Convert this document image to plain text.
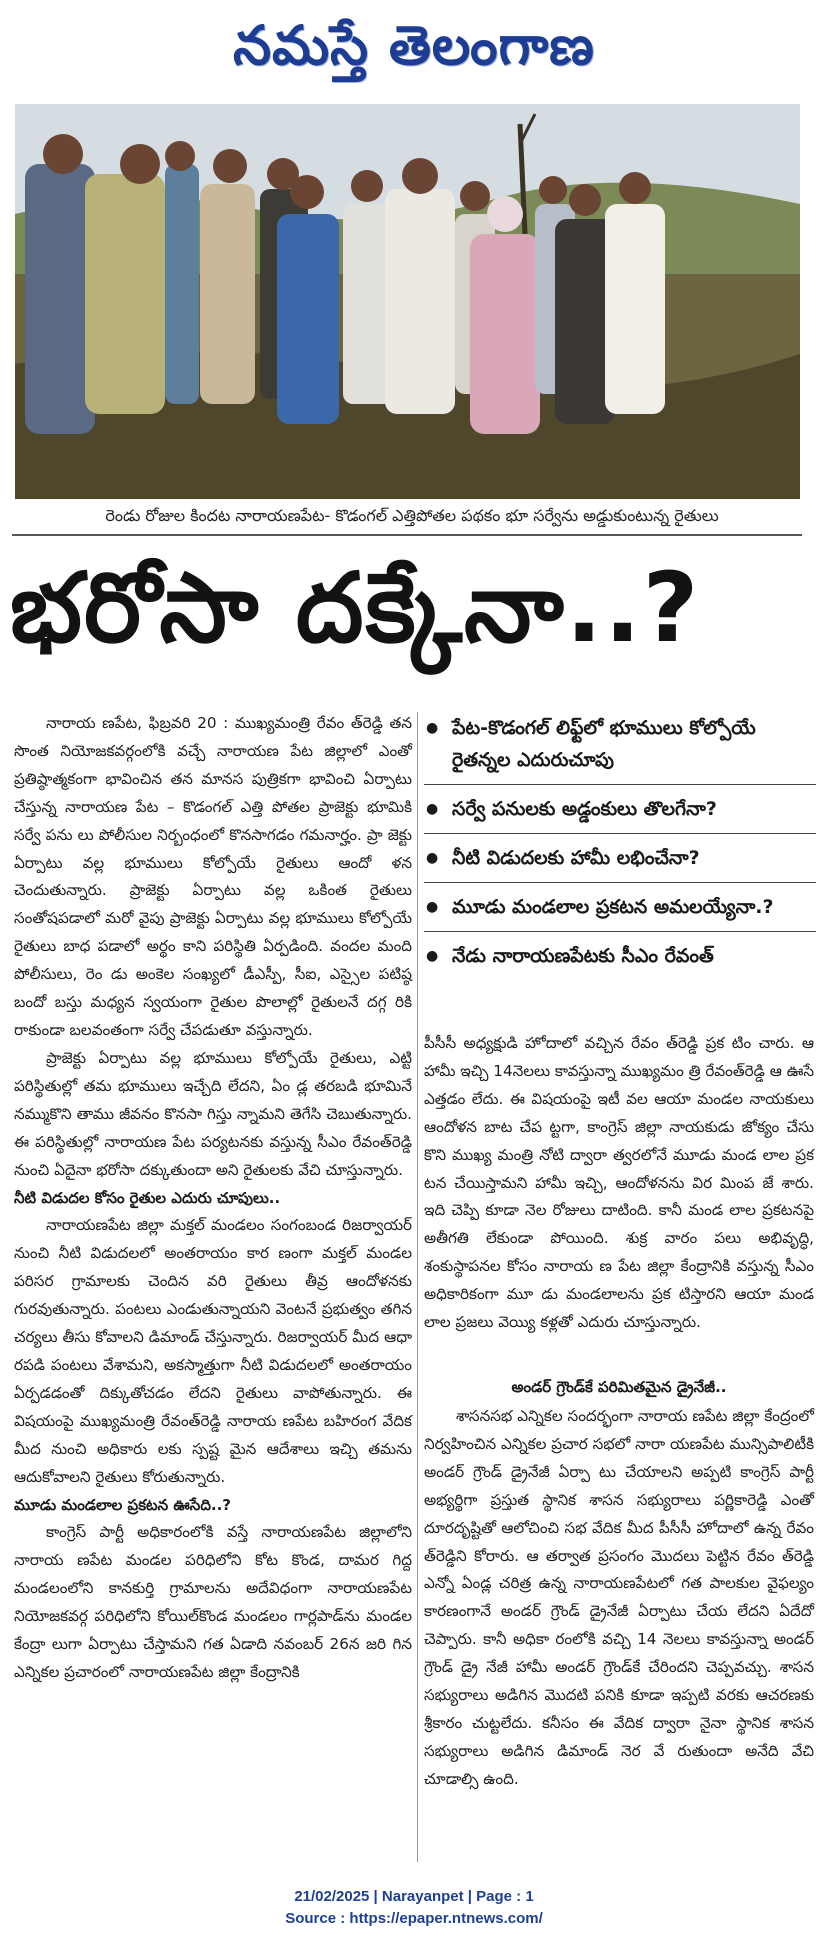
నమస్తే తెలంగాణ
రెండు రోజుల కిందట నారాయణపేట- కొడంగల్ ఎత్తిపోతల పథకం భూ సర్వేను అడ్డుకుంటున్న రైతులు
భరోసా దక్కేనా..?
● పేట-కొడంగల్ లిఫ్ట్‌లో భూములు కోల్పోయే రైతన్నల ఎదురుచూపు
● సర్వే పనులకు అడ్డంకులు తొలగేనా?
● నీటి విడుదలకు హామీ లభించేనా?
● మూడు మండలాల ప్రకటన అమలయ్యేనా.?
● నేడు నారాయణపేటకు సీఎం రేవంత్

నారాయ ణపేట, ఫిబ్రవరి 20 : ముఖ్యమంత్రి రేవం త్‌రెడ్డి తన సొంత నియోజకవర్గంలోకి వచ్చే నారాయణ పేట జిల్లాలో ఎంతో ప్రతిష్ఠాత్మకంగా భావించిన తన మానస పుత్రికగా భావించి ఏర్పాటు చేస్తున్న నారాయణ పేట – కొడంగల్ ఎత్తి పోతల ప్రాజెక్టు భూమికి సర్వే పను లు పోలీసుల నిర్బంధంలో కొనసాగడం గమనార్హం. ప్రా జెక్టు ఏర్పాటు వల్ల భూములు కోల్పోయే రైతులు ఆందో ళన చెందుతున్నారు. ప్రాజెక్టు ఏర్పాటు వల్ల ఒకింత రైతులు సంతోషపడాలో మరో వైపు ప్రాజెక్టు ఏర్పాటు వల్ల భూములు కోల్పోయే రైతులు బాధ పడాలో అర్థం కాని పరిస్థితి ఏర్పడింది. వందల మంది పోలీసులు, రెం డు అంకెల సంఖ్యలో డీఎస్పీ, సీఐ, ఎస్సైల పటిష్ఠ బందో బస్తు మధ్యన స్వయంగా రైతుల పొలాల్లో రైతులనే దగ్గ రికి రాకుండా బలవంతంగా సర్వే చేపడుతూ వస్తున్నారు.

ప్రాజెక్టు ఏర్పాటు వల్ల భూములు కోల్పోయే రైతులు, ఎట్టి పరిస్థితుల్లో తమ భూములు ఇచ్చేది లేదని, ఏం డ్ల తరబడి భూమినే నమ్ముకొని తాము జీవనం కొనసా గిస్తు న్నామని తెగేసి చెబుతున్నారు. ఈ పరిస్థితుల్లో నారాయణ పేట పర్యటనకు వస్తున్న సీఎం రేవంత్‌రెడ్డి నుంచి ఏదైనా భరోసా దక్కుతుందా అని రైతులకు వేచి చూస్తున్నారు.

నీటి విడుదల కోసం రైతుల ఎదురు చూపులు..

నారాయణపేట జిల్లా మక్తల్ మండలం సంగంబండ రిజర్వాయర్ నుంచి నీటి విడుదలలో అంతరాయం కార ణంగా మక్తల్ మండల పరిసర గ్రామాలకు చెందిన వరి రైతులు తీవ్ర ఆందోళనకు గురవుతున్నారు. పంటలు ఎండుతున్నాయని వెంటనే ప్రభుత్వం తగిన చర్యలు తీసు కోవాలని డిమాండ్ చేస్తున్నారు. రిజర్వాయర్ మీద ఆధా రపడి పంటలు వేశామని, అకస్మాత్తుగా నీటి విడుదలలో అంతరాయం ఏర్పడడంతో దిక్కుతోచడం లేదని రైతులు వాపోతున్నారు. ఈ విషయంపై ముఖ్యమంత్రి రేవంత్‌రెడ్డి నారాయ ణపేట బహిరంగ వేదిక మీద నుంచి అధికారు లకు స్పష్ట మైన ఆదేశాలు ఇచ్చి తమను ఆదుకోవాలని రైతులు కోరుతున్నారు.

మూడు మండలాల ప్రకటన ఊసేది..?

కాంగ్రెస్ పార్టీ అధికారంలోకి వస్తే నారాయణపేట జిల్లాలోని నారాయ ణపేట మండల పరిధిలోని కోట కొండ, దామర గిద్ద మండలంలోని కానకుర్తి గ్రామాలను అదేవిధంగా నారాయణపేట నియోజకవర్గ పరిధిలోని కోయిల్‌కొండ మండలం గార్లపాడ్‌ను మండల కేంద్రా లుగా ఏర్పాటు చేస్తామని గత ఏడాది నవంబర్ 26న జరి గిన ఎన్నికల ప్రచారంలో నారాయణపేట జిల్లా కేంద్రానికి

పీసీసీ అధ్యక్షుడి హోదాలో వచ్చిన రేవం త్‌రెడ్డి ప్రక టిం చారు. ఆ హామీ ఇచ్చి 14నెలలు కావస్తున్నా ముఖ్యమం త్రి రేవంత్‌రెడ్డి ఆ ఊసే ఎత్తడం లేదు. ఈ విషయంపై ఇటీ వల ఆయా మండల నాయకులు ఆందోళన బాట చేప ట్టగా, కాంగ్రెస్ జిల్లా నాయకుడు జోక్యం చేసు కొని ముఖ్య మంత్రి నోటి ద్వారా త్వరలోనే మూడు మండ లాల ప్రక టన చేయిస్తామని హామీ ఇచ్చి, ఆందోళనను విర మింప జే శారు. ఇది చెప్పి కూడా నెల రోజులు దాటింది. కానీ మండ లాల ప్రకటనపై అతీగతి లేకుండా పోయింది. శుక్ర వారం పలు అభివృద్ధి, శంకుస్థాపనల కోసం నారాయ ణ పేట జిల్లా కేంద్రానికి వస్తున్న సీఎం అధికారికంగా మూ డు మండలాలను ప్రక టిస్తారని ఆయా మండ లాల ప్రజలు వెయ్యి కళ్లతో ఎదురు చూస్తున్నారు.

అండర్ గ్రౌండ్‌కే పరిమితమైన డ్రైనేజీ..

శాసనసభ ఎన్నికల సందర్భంగా నారాయ ణపేట జిల్లా కేంద్రంలో నిర్వహించిన ఎన్నికల ప్రచార సభలో నారా యణపేట మున్సిపాలిటీకి అండర్ గ్రౌండ్ డ్రైనేజీ ఏర్పా టు చేయాలని అప్పటి కాంగ్రెస్ పార్టీ అభ్యర్థిగా ప్రస్తుత స్థానిక శాసన సభ్యురాలు పర్ణికారెడ్డి ఎంతో దూరదృష్టితో ఆలోచించి సభ వేదిక మీద పీసీసీ హోదాలో ఉన్న రేవం త్‌రెడ్డిని కోరారు. ఆ తర్వాత ప్రసంగం మొదలు పెట్టిన రేవం త్‌రెడ్డి ఎన్నో ఏండ్ల చరిత్ర ఉన్న నారాయణపేటలో గత పాలకుల వైఫల్యం కారణంగానే అండర్ గ్రౌండ్ డ్రైనేజీ ఏర్పాటు చేయ లేదని ఏదేదో చెప్పారు. కానీ అధికా రంలోకి వచ్చి 14 నెలలు కావస్తున్నా అండర్ గ్రౌండ్ డ్రై నేజీ హామీ అండర్ గ్రౌండ్‌కే చేరిందని చెప్పవచ్చు. శాసన సభ్యురాలు అడిగిన మొదటి పనికి కూడా ఇప్పటి వరకు ఆచరణకు శ్రీకారం చుట్టలేదు. కనీసం ఈ వేదిక ద్వారా నైనా స్థానిక శాసన సభ్యురాలు అడిగిన డిమాండ్ నెర వే రుతుందా అనేది వేచి చూడాల్సి ఉంది.

21/02/2025 | Narayanpet | Page : 1
Source : https://epaper.ntnews.com/
